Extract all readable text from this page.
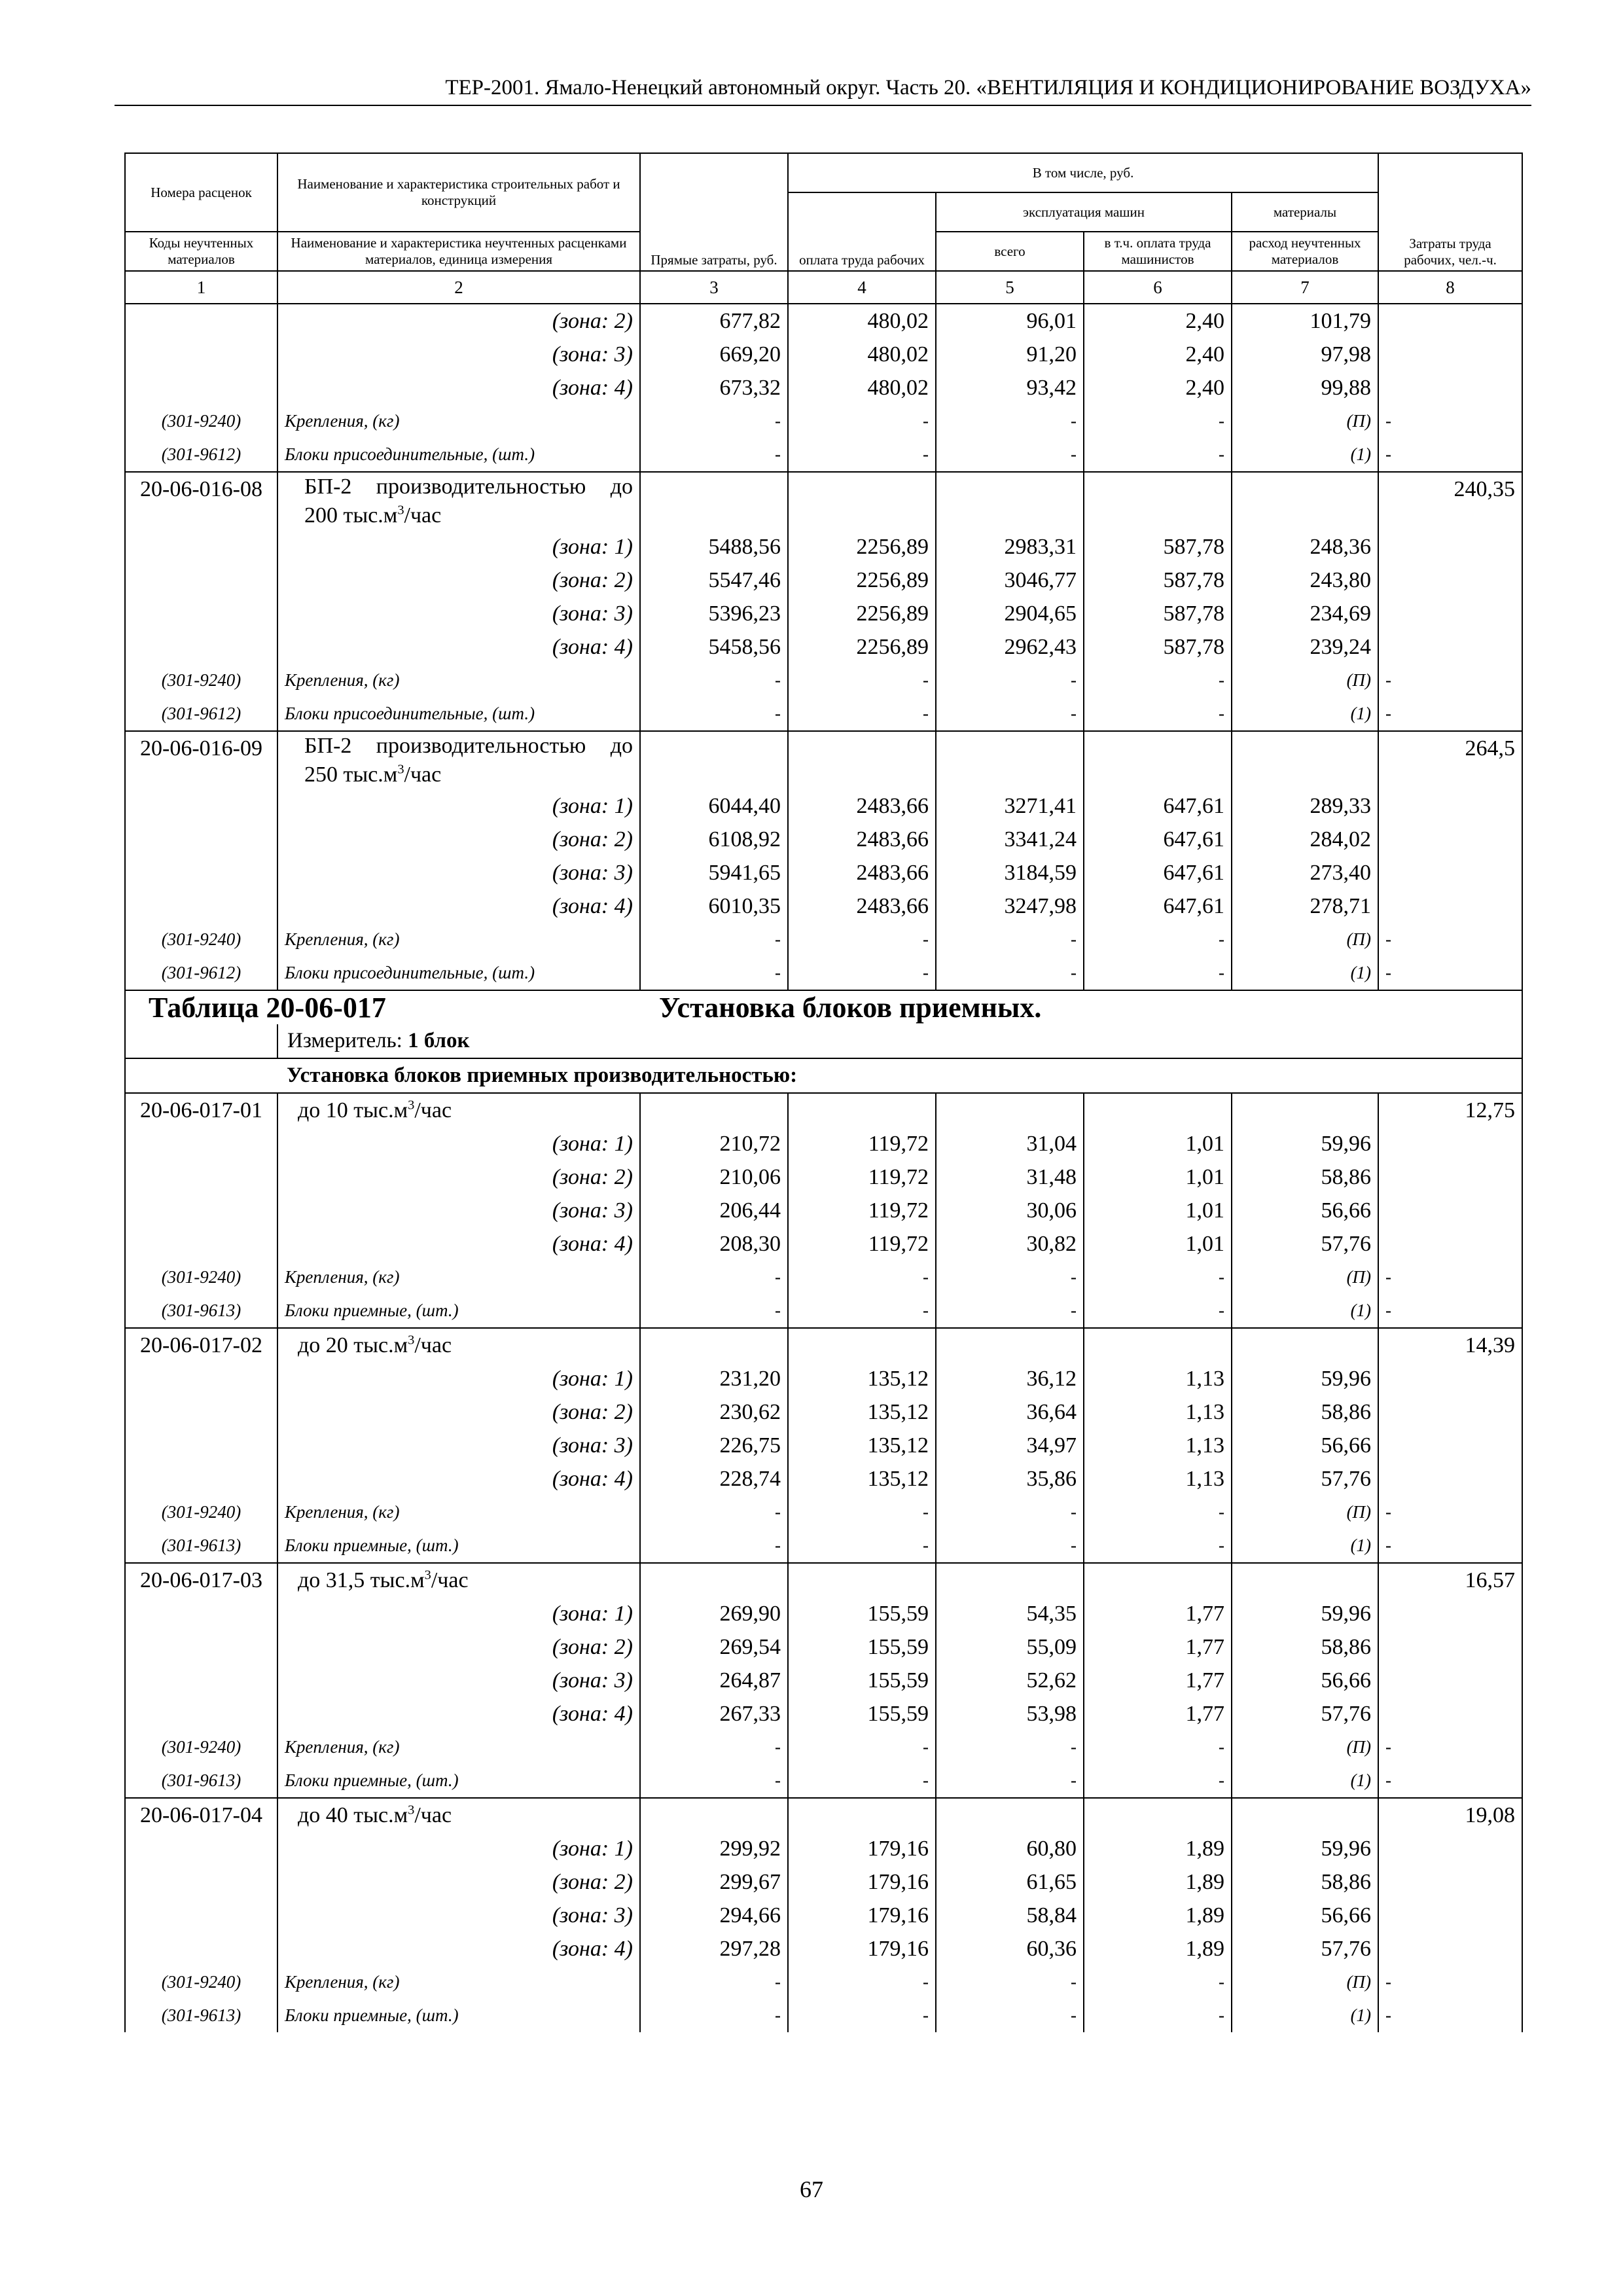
ТЕР-2001. Ямало-Ненецкий автономный округ. Часть 20. «ВЕНТИЛЯЦИЯ И КОНДИЦИОНИРОВАНИЕ ВОЗДУХА»
Номера расценок	Наименование и характеристика строительных работ и конструкций	Прямые затраты, руб.	В том числе, руб.				Затраты труда рабочих, чел.-ч.
			оплата труда рабочих	эксплуатация машин		материалы	
Коды неучтенных материалов	Наименование и характеристика неучтенных расценками материалов, единица измерения			всего	в т.ч. оплата труда машинистов	расход неучтенных материалов	
1	2	3	4	5	6	7	8
	(зона: 2)	677,82	480,02	96,01	2,40	101,79	
	(зона: 3)	669,20	480,02	91,20	2,40	97,98	
	(зона: 4)	673,32	480,02	93,42	2,40	99,88	
(301-9240)	Крепления, (кг)	-	-	-	-	(П)	-
(301-9612)	Блоки присоединительные, (шт.)	-	-	-	-	(1)	-
20-06-016-08	БП-2 производительностью до 200 $тыс.м^3$/час						240,35
	(зона: 1)	5488,56	2256,89	2983,31	587,78	248,36	
	(зона: 2)	5547,46	2256,89	3046,77	587,78	243,80	
	(зона: 3)	5396,23	2256,89	2904,65	587,78	234,69	
	(зона: 4)	5458,56	2256,89	2962,43	587,78	239,24	
(301-9240)	Крепления, (кг)	-	-	-	-	(П)	-
(301-9612)	Блоки присоединительные, (шт.)	-	-	-	-	(1)	-
20-06-016-09	БП-2 производительностью до 250 $тыс.м^3$/час						264,5
	(зона: 1)	6044,40	2483,66	3271,41	647,61	289,33	
	(зона: 2)	6108,92	2483,66	3341,24	647,61	284,02	
	(зона: 3)	5941,65	2483,66	3184,59	647,61	273,40	
	(зона: 4)	6010,35	2483,66	3247,98	647,61	278,71	
(301-9240)	Крепления, (кг)	-	-	-	-	(П)	-
(301-9612)	Блоки присоединительные, (шт.)	-	-	-	-	(1)	-
Таблица 20-06-017 Установка блоков приемных.							
	Измеритель: 1 блок						
	Установка блоков приемных производительностью:						
20-06-017-01	до 10 $тыс.м^3$/час						12,75
	(зона: 1)	210,72	119,72	31,04	1,01	59,96	
	(зона: 2)	210,06	119,72	31,48	1,01	58,86	
	(зона: 3)	206,44	119,72	30,06	1,01	56,66	
	(зона: 4)	208,30	119,72	30,82	1,01	57,76	
(301-9240)	Крепления, (кг)	-	-	-	-	(П)	-
(301-9613)	Блоки приемные, (шт.)	-	-	-	-	(1)	-
20-06-017-02	до 20 $тыс.м^3$/час						14,39
	(зона: 1)	231,20	135,12	36,12	1,13	59,96	
	(зона: 2)	230,62	135,12	36,64	1,13	58,86	
	(зона: 3)	226,75	135,12	34,97	1,13	56,66	
	(зона: 4)	228,74	135,12	35,86	1,13	57,76	
(301-9240)	Крепления, (кг)	-	-	-	-	(П)	-
(301-9613)	Блоки приемные, (шт.)	-	-	-	-	(1)	-
20-06-017-03	до 31,5 $тыс.м^3$/час						16,57
	(зона: 1)	269,90	155,59	54,35	1,77	59,96	
	(зона: 2)	269,54	155,59	55,09	1,77	58,86	
	(зона: 3)	264,87	155,59	52,62	1,77	56,66	
	(зона: 4)	267,33	155,59	53,98	1,77	57,76	
(301-9240)	Крепления, (кг)	-	-	-	-	(П)	-
(301-9613)	Блоки приемные, (шт.)	-	-	-	-	(1)	-
20-06-017-04	до 40 $тыс.м^3$/час						19,08
	(зона: 1)	299,92	179,16	60,80	1,89	59,96	
	(зона: 2)	299,67	179,16	61,65	1,89	58,86	
	(зона: 3)	294,66	179,16	58,84	1,89	56,66	
	(зона: 4)	297,28	179,16	60,36	1,89	57,76	
(301-9240)	Крепления, (кг)	-	-	-	-	(П)	-
(301-9613)	Блоки приемные, (шт.)	-	-	-	-	(1)	-
67
